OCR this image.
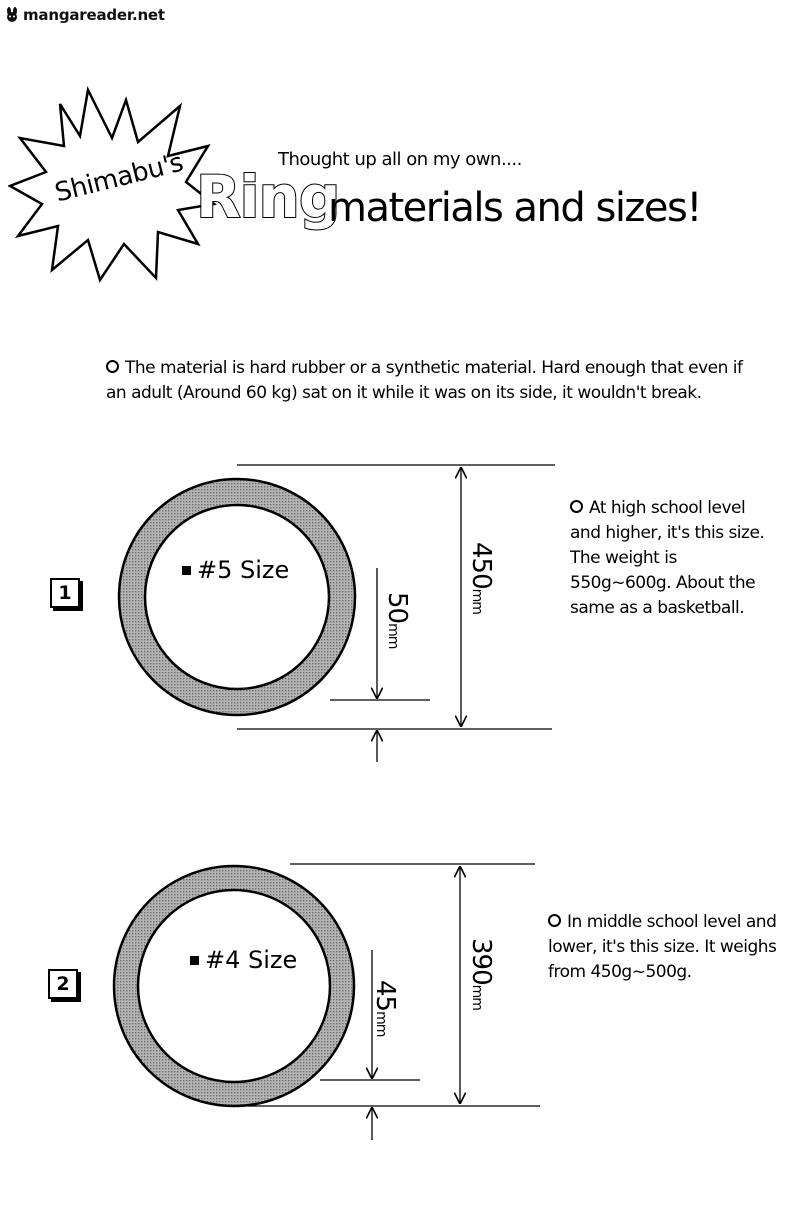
mangareader.net
Shimabu's	Thought up all on my own....
Ring
materials and sizes!
The material is hard rubber or a synthetic material. Hard enough that even if an adult (Around 60 kg) sat on it while it was on its side, it wouldn't break.
1
#5 Size	450mm
50mm
At high school level and higher, it's this size. The weight is 550g~600g. About the same as a basketball.
2
#4 Size	390mm
45mm
In middle school level and lower, it's this size. It weighs from 450g~500g.
